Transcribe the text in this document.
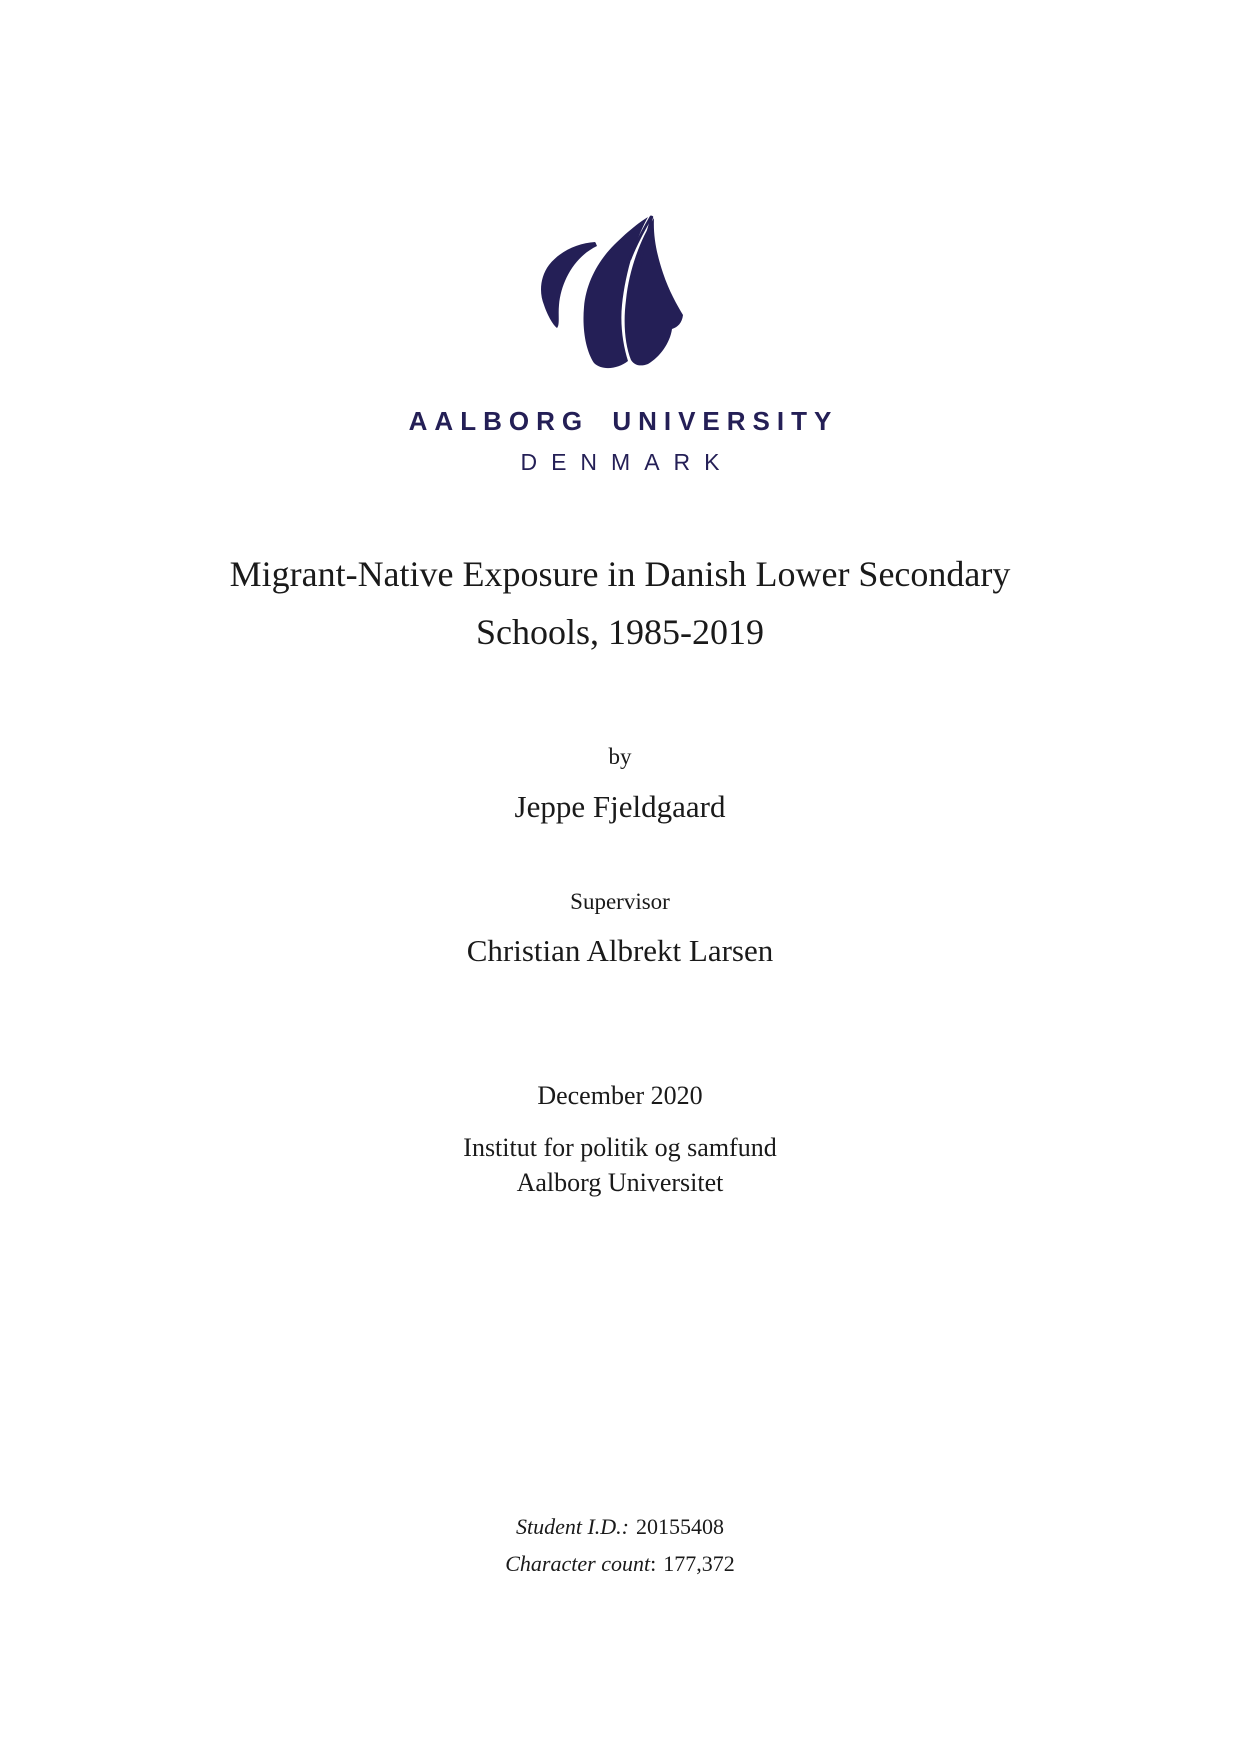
AALBORG UNIVERSITY
DENMARK
Migrant-Native Exposure in Danish Lower Secondary
Schools, 1985-2019
by
Jeppe Fjeldgaard
Supervisor
Christian Albrekt Larsen
December 2020
Institut for politik og samfund
Aalborg Universitet
Student I.D.: 20155408
Character count: 177,372
